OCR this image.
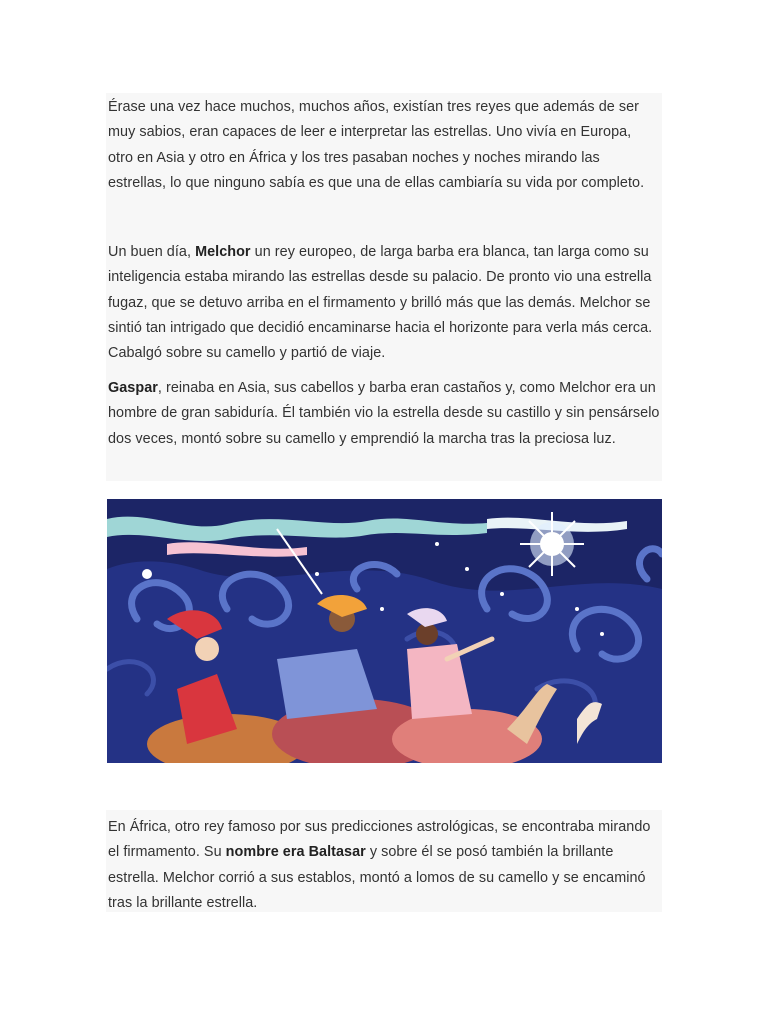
Érase una vez hace muchos, muchos años, existían tres reyes que además de ser muy sabios, eran capaces de leer e interpretar las estrellas. Uno vivía en Europa, otro en Asia y otro en África y los tres pasaban noches y noches mirando las estrellas, lo que ninguno sabía es que una de ellas cambiaría su vida por completo.

Un buen día, Melchor un rey europeo, de larga barba era blanca, tan larga como su inteligencia estaba mirando las estrellas desde su palacio. De pronto vio una estrella fugaz, que se detuvo arriba en el firmamento y brilló más que las demás. Melchor se sintió tan intrigado que decidió encaminarse hacia el horizonte para verla más cerca. Cabalgó sobre su camello y partió de viaje.

Gaspar, reinaba en Asia, sus cabellos y barba eran castaños y, como Melchor era un hombre de gran sabiduría. Él también vio la estrella desde su castillo y sin pensárselo dos veces, montó sobre su camello y emprendió la marcha tras la preciosa luz.

En África, otro rey famoso por sus predicciones astrológicas, se encontraba mirando el firmamento. Su nombre era Baltasar y sobre él se posó también la brillante estrella. Melchor corrió a sus establos, montó a lomos de su camello y se encaminó tras la brillante estrella.
